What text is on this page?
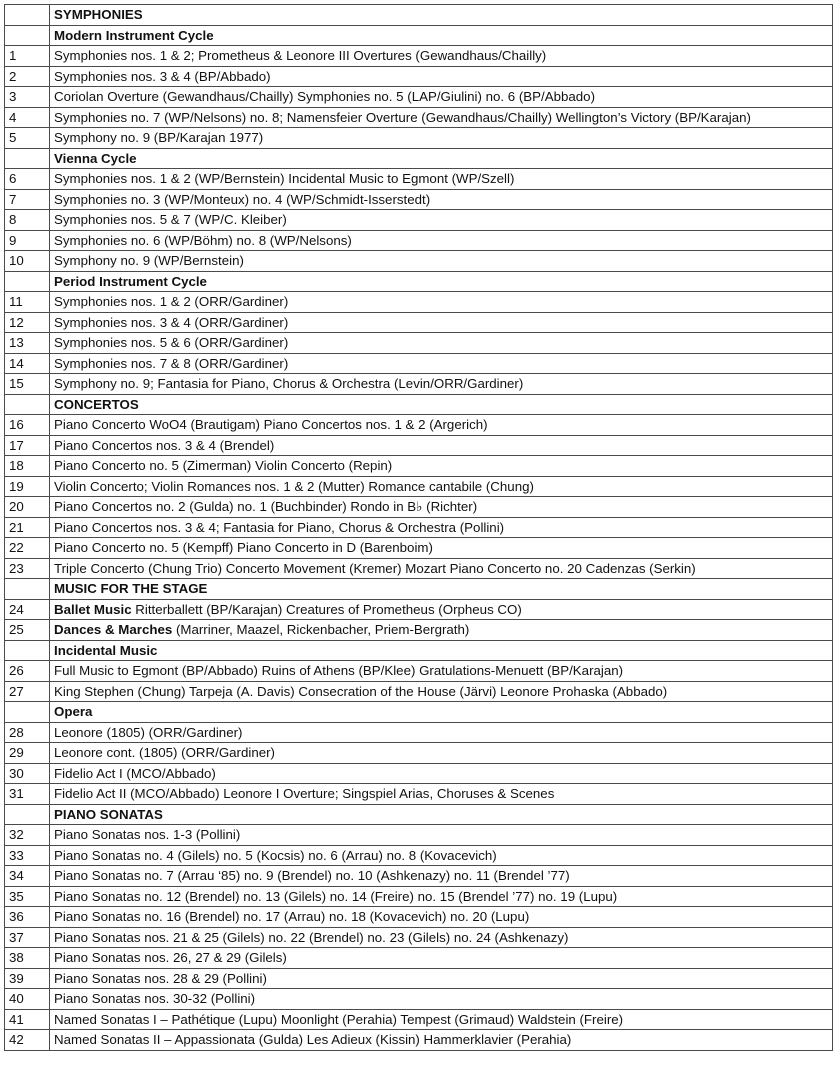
	SYMPHONIES
	Modern Instrument Cycle
1	Symphonies nos. 1 & 2; Prometheus & Leonore III Overtures (Gewandhaus/Chailly)
2	Symphonies nos. 3 & 4 (BP/Abbado)
3	Coriolan Overture (Gewandhaus/Chailly) Symphonies no. 5 (LAP/Giulini) no. 6 (BP/Abbado)
4	Symphonies no. 7 (WP/Nelsons) no. 8; Namensfeier Overture (Gewandhaus/Chailly) Wellington’s Victory (BP/Karajan)
5	Symphony no. 9 (BP/Karajan 1977)
	Vienna Cycle
6	Symphonies nos. 1 & 2 (WP/Bernstein) Incidental Music to Egmont (WP/Szell)
7	Symphonies no. 3 (WP/Monteux) no. 4 (WP/Schmidt-Isserstedt)
8	Symphonies nos. 5 & 7 (WP/C. Kleiber)
9	Symphonies no. 6 (WP/Böhm) no. 8 (WP/Nelsons)
10	Symphony no. 9 (WP/Bernstein)
	Period Instrument Cycle
11	Symphonies nos. 1 & 2 (ORR/Gardiner)
12	Symphonies nos. 3 & 4 (ORR/Gardiner)
13	Symphonies nos. 5 & 6 (ORR/Gardiner)
14	Symphonies nos. 7 & 8 (ORR/Gardiner)
15	Symphony no. 9; Fantasia for Piano, Chorus & Orchestra (Levin/ORR/Gardiner)
	CONCERTOS
16	Piano Concerto WoO4 (Brautigam) Piano Concertos nos. 1 & 2 (Argerich)
17	Piano Concertos nos. 3 & 4 (Brendel)
18	Piano Concerto no. 5 (Zimerman) Violin Concerto (Repin)
19	Violin Concerto; Violin Romances nos. 1 & 2 (Mutter) Romance cantabile (Chung)
20	Piano Concertos no. 2 (Gulda) no. 1 (Buchbinder) Rondo in B♭ (Richter)
21	Piano Concertos nos. 3 & 4; Fantasia for Piano, Chorus & Orchestra (Pollini)
22	Piano Concerto no. 5 (Kempff) Piano Concerto in D (Barenboim)
23	Triple Concerto (Chung Trio) Concerto Movement (Kremer) Mozart Piano Concerto no. 20 Cadenzas (Serkin)
	MUSIC FOR THE STAGE
24	Ballet Music Ritterballett (BP/Karajan) Creatures of Prometheus (Orpheus CO)
25	Dances & Marches (Marriner, Maazel, Rickenbacher, Priem-Bergrath)
	Incidental Music
26	Full Music to Egmont (BP/Abbado) Ruins of Athens (BP/Klee) Gratulations-Menuett (BP/Karajan)
27	King Stephen (Chung) Tarpeja (A. Davis) Consecration of the House (Järvi) Leonore Prohaska (Abbado)
	Opera
28	Leonore (1805) (ORR/Gardiner)
29	Leonore cont. (1805) (ORR/Gardiner)
30	Fidelio Act I (MCO/Abbado)
31	Fidelio Act II (MCO/Abbado) Leonore I Overture; Singspiel Arias, Choruses & Scenes
	PIANO SONATAS
32	Piano Sonatas nos. 1-3 (Pollini)
33	Piano Sonatas no. 4 (Gilels) no. 5 (Kocsis) no. 6 (Arrau) no. 8 (Kovacevich)
34	Piano Sonatas no. 7 (Arrau ‘85) no. 9 (Brendel) no. 10 (Ashkenazy) no. 11 (Brendel ’77)
35	Piano Sonatas no. 12 (Brendel) no. 13 (Gilels) no. 14 (Freire) no. 15 (Brendel ’77) no. 19 (Lupu)
36	Piano Sonatas no. 16 (Brendel) no. 17 (Arrau) no. 18 (Kovacevich) no. 20 (Lupu)
37	Piano Sonatas nos. 21 & 25 (Gilels) no. 22 (Brendel) no. 23 (Gilels) no. 24 (Ashkenazy)
38	Piano Sonatas nos. 26, 27 & 29 (Gilels)
39	Piano Sonatas nos. 28 & 29 (Pollini)
40	Piano Sonatas nos. 30-32 (Pollini)
41	Named Sonatas I – Pathétique (Lupu) Moonlight (Perahia) Tempest (Grimaud) Waldstein (Freire)
42	Named Sonatas II – Appassionata (Gulda) Les Adieux (Kissin) Hammerklavier (Perahia)
